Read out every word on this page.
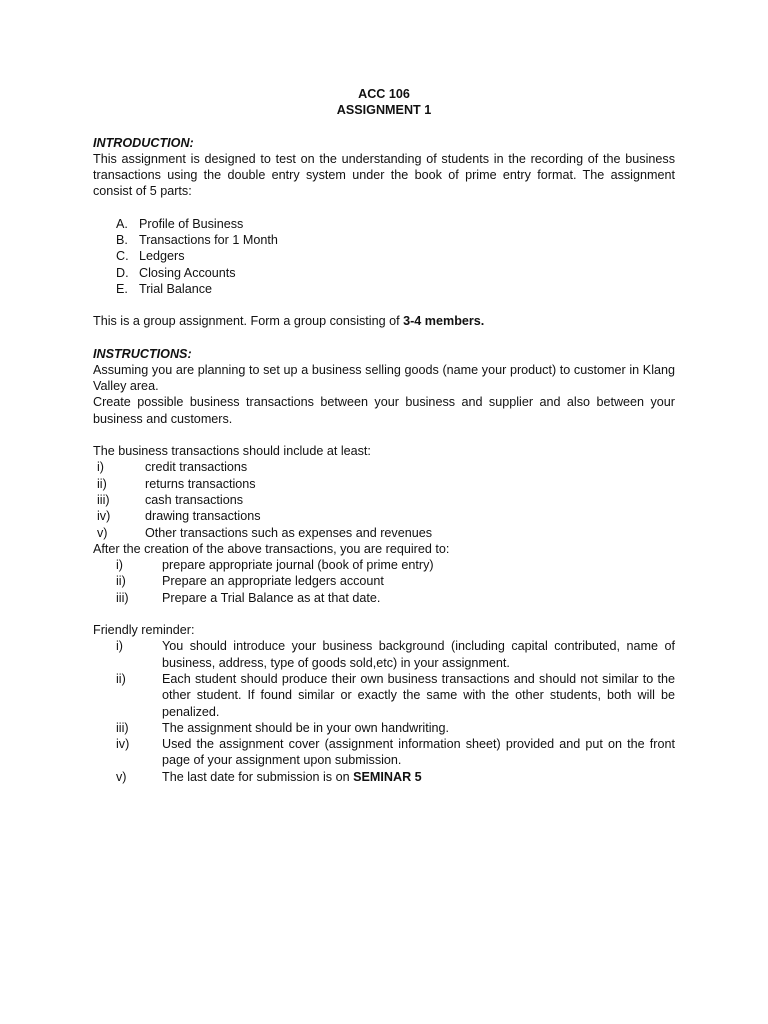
ACC 106
ASSIGNMENT 1
INTRODUCTION:
This assignment is designed to test on the understanding of students in the recording of the business transactions using the double entry system under the book of prime entry format. The assignment consist of 5 parts:
A. Profile of Business
B. Transactions for 1 Month
C. Ledgers
D. Closing Accounts
E. Trial Balance
This is a group assignment. Form a group consisting of 3-4 members.
INSTRUCTIONS:
Assuming you are planning to set up a business selling goods (name your product) to customer in Klang Valley area.
Create possible business transactions between your business and supplier and also between your business and customers.
The business transactions should include at least:
i)	credit transactions
ii)	returns transactions
iii)	cash transactions
iv)	drawing transactions
v)	Other transactions such as expenses and revenues
After the creation of the above transactions, you are required to:
i)	prepare appropriate journal (book of prime entry)
ii)	Prepare an appropriate ledgers account
iii)	Prepare a Trial Balance as at that date.
Friendly reminder:
i)	You should introduce your business background (including capital contributed, name of business, address, type of goods sold,etc) in your assignment.
ii)	Each student should produce their own business transactions and should not similar to the other student. If found similar or exactly the same with the other students, both will be penalized.
iii)	The assignment should be in your own handwriting.
iv)	Used the assignment cover (assignment information sheet) provided and put on the front page of your assignment upon submission.
v)	The last date for submission is on SEMINAR 5
